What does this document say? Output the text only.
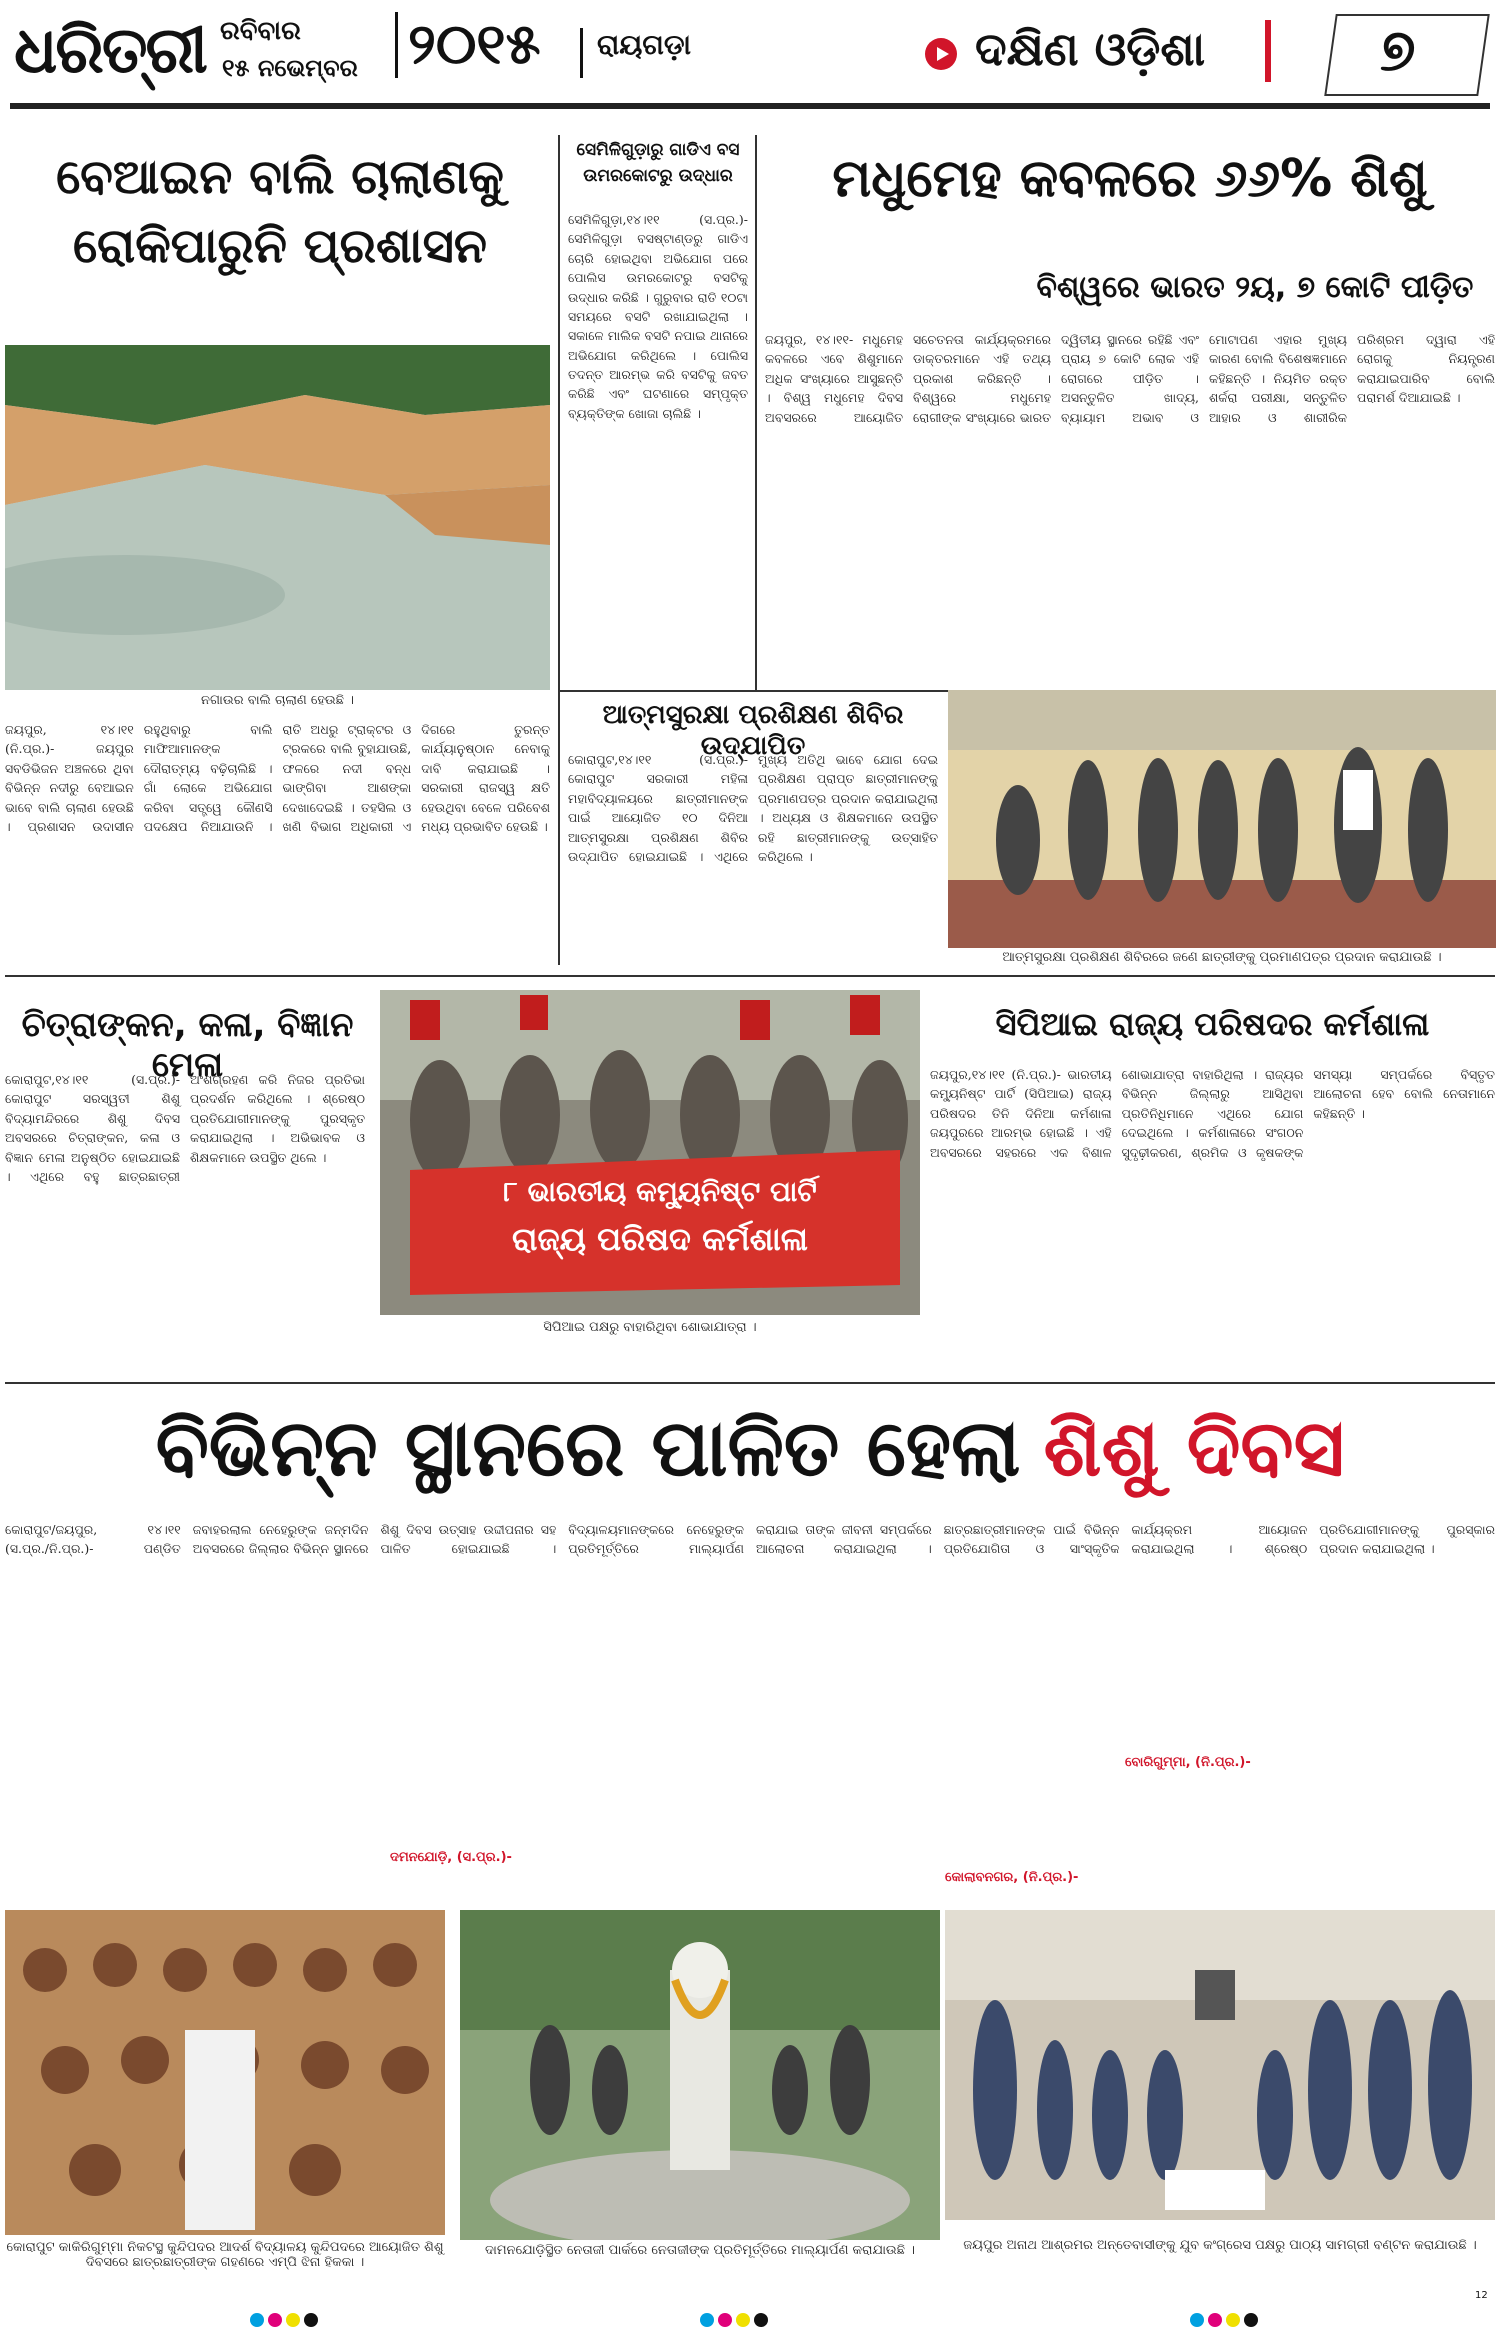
ଧରିତ୍ରୀ ରବିବାର
୧୫ ନଭେମ୍ବର ୨୦୧୫	ରାୟଗଡ଼ା	ଦକ୍ଷିଣ ଓଡ଼ିଶା	୭
ବେଆଇନ ବାଲି ଚାଲାଣକୁ
ରୋକିପାରୁନି ପ୍ରଶାସନ
ନଗାଉର ବାଲି ଚାଲାଣ ହେଉଛି ।
ଜୟପୁର, ୧୪।୧୧ (ନି.ପ୍ର.)- ଜୟପୁର ସବଡିଭିଜନ ଅଞ୍ଚଳରେ ଥିବା ବିଭିନ୍ନ ନଦୀରୁ ବେଆଇନ ଭାବେ ବାଲି ଚାଲାଣ ହେଉଛି । ପ୍ରଶାସନ ଉଦାସୀନ ରହୁଥିବାରୁ ବାଲି ମାଫିଆମାନଙ୍କ ଦୌରାତ୍ମ୍ୟ ବଢ଼ିଚାଲିଛି । ଗାଁ ଲୋକେ ଅଭିଯୋଗ କରିବା ସତ୍ତ୍ୱେ କୌଣସି ପଦକ୍ଷେପ ନିଆଯାଉନି । ରାତି ଅଧରୁ ଟ୍ରାକ୍ଟର ଓ ଟ୍ରକରେ ବାଲି ବୁହାଯାଉଛି, ଫଳରେ ନଦୀ ବନ୍ଧ ଭାଙ୍ଗିବା ଆଶଙ୍କା ଦେଖାଦେଇଛି । ତହସିଲ ଓ ଖଣି ବିଭାଗ ଅଧିକାରୀ ଏ ଦିଗରେ ତୁରନ୍ତ କାର୍ଯ୍ୟାନୁଷ୍ଠାନ ନେବାକୁ ଦାବି କରାଯାଇଛି । ସରକାରୀ ରାଜସ୍ୱ କ୍ଷତି ହେଉଥିବା ବେଳେ ପରିବେଶ ମଧ୍ୟ ପ୍ରଭାବିତ ହେଉଛି ।
ସେମିଳିଗୁଡ଼ାରୁ ଗାଡିଏ ବସ
ଉମରକୋଟରୁ ଉଦ୍ଧାର
ସେମିଳିଗୁଡ଼ା,୧୪।୧୧ (ସ.ପ୍ର.)- ସେମିଳିଗୁଡ଼ା ବସଷ୍ଟାଣ୍ଡରୁ ଗାଡିଏ ଚୋରି ହୋଇଥିବା ଅଭିଯୋଗ ପରେ ପୋଲିସ ଉମରକୋଟରୁ ବସଟିକୁ ଉଦ୍ଧାର କରିଛି । ଗୁରୁବାର ରାତି ୧୦ଟା ସମୟରେ ବସଟି ରଖାଯାଇଥିଲା । ସକାଳେ ମାଲିକ ବସଟି ନପାଇ ଥାନାରେ ଅଭିଯୋଗ କରିଥିଲେ । ପୋଲିସ ତଦନ୍ତ ଆରମ୍ଭ କରି ବସଟିକୁ ଜବତ କରିଛି ଏବଂ ଘଟଣାରେ ସମ୍ପୃକ୍ତ ବ୍ୟକ୍ତିଙ୍କ ଖୋଜା ଚାଲିଛି ।
ମଧୁମେହ କବଳରେ ୬୬% ଶିଶୁ
ବିଶ୍ୱରେ ଭାରତ ୨ୟ, ୭ କୋଟି ପୀଡ଼ିତ
ଜୟପୁର, ୧୪।୧୧- ମଧୁମେହ କବଳରେ ଏବେ ଶିଶୁମାନେ ଅଧିକ ସଂଖ୍ୟାରେ ଆସୁଛନ୍ତି । ବିଶ୍ୱ ମଧୁମେହ ଦିବସ ଅବସରରେ ଆୟୋଜିତ ସଚେତନତା କାର୍ଯ୍ୟକ୍ରମରେ ଡାକ୍ତରମାନେ ଏହି ତଥ୍ୟ ପ୍ରକାଶ କରିଛନ୍ତି । ବିଶ୍ୱରେ ମଧୁମେହ ରୋଗୀଙ୍କ ସଂଖ୍ୟାରେ ଭାରତ ଦ୍ୱିତୀୟ ସ୍ଥାନରେ ରହିଛି ଏବଂ ପ୍ରାୟ ୭ କୋଟି ଲୋକ ଏହି ରୋଗରେ ପୀଡ଼ିତ । ଅସନ୍ତୁଳିତ ଖାଦ୍ୟ, ବ୍ୟାୟାମ ଅଭାବ ଓ ମୋଟାପଣ ଏହାର ମୁଖ୍ୟ କାରଣ ବୋଲି ବିଶେଷଜ୍ଞମାନେ କହିଛନ୍ତି । ନିୟମିତ ରକ୍ତ ଶର୍କରା ପରୀକ୍ଷା, ସନ୍ତୁଳିତ ଆହାର ଓ ଶାରୀରିକ ପରିଶ୍ରମ ଦ୍ୱାରା ଏହି ରୋଗକୁ ନିୟନ୍ତ୍ରଣ କରାଯାଇପାରିବ ବୋଲି ପରାମର୍ଶ ଦିଆଯାଇଛି ।
ଆତ୍ମସୁରକ୍ଷା ପ୍ରଶିକ୍ଷଣ ଶିବିର ଉଦ୍‌ଯାପିତ
କୋରାପୁଟ,୧୪।୧୧ (ସ.ପ୍ର.)- କୋରାପୁଟ ସରକାରୀ ମହିଳା ମହାବିଦ୍ୟାଳୟରେ ଛାତ୍ରୀମାନଙ୍କ ପାଇଁ ଆୟୋଜିତ ୧୦ ଦିନିଆ ଆତ୍ମସୁରକ୍ଷା ପ୍ରଶିକ୍ଷଣ ଶିବିର ଉଦ୍‌ଯାପିତ ହୋଇଯାଇଛି । ଏଥିରେ ମୁଖ୍ୟ ଅତିଥି ଭାବେ ଯୋଗ ଦେଇ ପ୍ରଶିକ୍ଷଣ ପ୍ରାପ୍ତ ଛାତ୍ରୀମାନଙ୍କୁ ପ୍ରମାଣପତ୍ର ପ୍ରଦାନ କରାଯାଇଥିଲା । ଅଧ୍ୟକ୍ଷ ଓ ଶିକ୍ଷକମାନେ ଉପସ୍ଥିତ ରହି ଛାତ୍ରୀମାନଙ୍କୁ ଉତ୍ସାହିତ କରିଥିଲେ ।
ଆତ୍ମସୁରକ୍ଷା ପ୍ରଶିକ୍ଷଣ ଶିବିରରେ ଜଣେ ଛାତ୍ରୀଙ୍କୁ ପ୍ରମାଣପତ୍ର ପ୍ରଦାନ କରାଯାଉଛି ।
ଚିତ୍ରାଙ୍କନ, କଳା, ବିଜ୍ଞାନ ମେଳା
କୋରାପୁଟ,୧୪।୧୧ (ସ.ପ୍ର.)- କୋରାପୁଟ ସରସ୍ୱତୀ ଶିଶୁ ବିଦ୍ୟାମନ୍ଦିରରେ ଶିଶୁ ଦିବସ ଅବସରରେ ଚିତ୍ରାଙ୍କନ, କଳା ଓ ବିଜ୍ଞାନ ମେଳା ଅନୁଷ୍ଠିତ ହୋଇଯାଇଛି । ଏଥିରେ ବହୁ ଛାତ୍ରଛାତ୍ରୀ ଅଂଶଗ୍ରହଣ କରି ନିଜର ପ୍ରତିଭା ପ୍ରଦର୍ଶନ କରିଥିଲେ । ଶ୍ରେଷ୍ଠ ପ୍ରତିଯୋଗୀମାନଙ୍କୁ ପୁରସ୍କୃତ କରାଯାଇଥିଲା । ଅଭିଭାବକ ଓ ଶିକ୍ଷକମାନେ ଉପସ୍ଥିତ ଥିଲେ ।
୮ ଭାରତୀୟ କମ୍ୟୁନିଷ୍ଟ ପାର୍ଟି
ରାଜ୍ୟ ପରିଷଦ କର୍ମଶାଳା
ସିପିଆଇ ପକ୍ଷରୁ ବାହାରିଥିବା ଶୋଭାଯାତ୍ରା ।
ସିପିଆଇ ରାଜ୍ୟ ପରିଷଦର କର୍ମଶାଳା
ଜୟପୁର,୧୪।୧୧ (ନି.ପ୍ର.)- ଭାରତୀୟ କମ୍ୟୁନିଷ୍ଟ ପାର୍ଟି (ସିପିଆଇ) ରାଜ୍ୟ ପରିଷଦର ତିନି ଦିନିଆ କର୍ମଶାଳା ଜୟପୁରରେ ଆରମ୍ଭ ହୋଇଛି । ଏହି ଅବସରରେ ସହରରେ ଏକ ବିଶାଳ ଶୋଭାଯାତ୍ରା ବାହାରିଥିଲା । ରାଜ୍ୟର ବିଭିନ୍ନ ଜିଲ୍ଲାରୁ ଆସିଥିବା ପ୍ରତିନିଧିମାନେ ଏଥିରେ ଯୋଗ ଦେଇଥିଲେ । କର୍ମଶାଳାରେ ସଂଗଠନ ସୁଦୃଢ଼ୀକରଣ, ଶ୍ରମିକ ଓ କୃଷକଙ୍କ ସମସ୍ୟା ସମ୍ପର୍କରେ ବିସ୍ତୃତ ଆଲୋଚନା ହେବ ବୋଲି ନେତାମାନେ କହିଛନ୍ତି ।
ବିଭିନ୍ନ ସ୍ଥାନରେ ପାଳିତ ହେଲା ଶିଶୁ ଦିବସ
କୋରାପୁଟ/ଜୟପୁର, ୧୪।୧୧ (ସ.ପ୍ର./ନି.ପ୍ର.)- ପଣ୍ଡିତ ଜବାହରଲାଲ ନେହେରୁଙ୍କ ଜନ୍ମଦିନ ଅବସରରେ ଜିଲ୍ଲାର ବିଭିନ୍ନ ସ୍ଥାନରେ ଶିଶୁ ଦିବସ ଉତ୍ସାହ ଉଦ୍ଦୀପନାର ସହ ପାଳିତ ହୋଇଯାଇଛି । ବିଦ୍ୟାଳୟମାନଙ୍କରେ ନେହେରୁଙ୍କ ପ୍ରତିମୂର୍ତ୍ତିରେ ମାଲ୍ୟାର୍ପଣ କରାଯାଇ ତାଙ୍କ ଜୀବନୀ ସମ୍ପର୍କରେ ଆଲୋଚନା କରାଯାଇଥିଲା । ଛାତ୍ରଛାତ୍ରୀମାନଙ୍କ ପାଇଁ ବିଭିନ୍ନ ପ୍ରତିଯୋଗିତା ଓ ସାଂସ୍କୃତିକ କାର୍ଯ୍ୟକ୍ରମ ଆୟୋଜନ କରାଯାଇଥିଲା । ଶ୍ରେଷ୍ଠ ପ୍ରତିଯୋଗୀମାନଙ୍କୁ ପୁରସ୍କାର ପ୍ରଦାନ କରାଯାଇଥିଲା ।
ଦମନଯୋଡ଼ି, (ସ.ପ୍ର.)-
କୋଲାବନଗର, (ନି.ପ୍ର.)-
ବୋରିଗୁମ୍ମା, (ନି.ପ୍ର.)-
କୋରାପୁଟ କାକିରିଗୁମ୍ମା ନିକଟସ୍ଥ କୁନ୍ଦିପଦର ଆଦର୍ଶ ବିଦ୍ୟାଳୟ କୁନ୍ଦିପଦରେ ଆୟୋଜିତ ଶିଶୁ ଦିବସରେ ଛାତ୍ରଛାତ୍ରୀଙ୍କ ଗହଣରେ ଏମ୍‌ପି ଝିନା ହିକକା ।
ଦାମନଯୋଡ଼ିସ୍ଥିତ ନେତାଜୀ ପାର୍କରେ ନେତାଜୀଙ୍କ ପ୍ରତିମୂର୍ତ୍ତିରେ ମାଲ୍ୟାର୍ପଣ କରାଯାଉଛି ।	ଜୟପୁର ଅନାଥ ଆଶ୍ରମର ଅନ୍ତେବାସୀଙ୍କୁ ଯୁବ କଂଗ୍ରେସ ପକ୍ଷରୁ ପାଠ୍ୟ ସାମଗ୍ରୀ ବଣ୍ଟନ କରାଯାଉଛି ।
12
